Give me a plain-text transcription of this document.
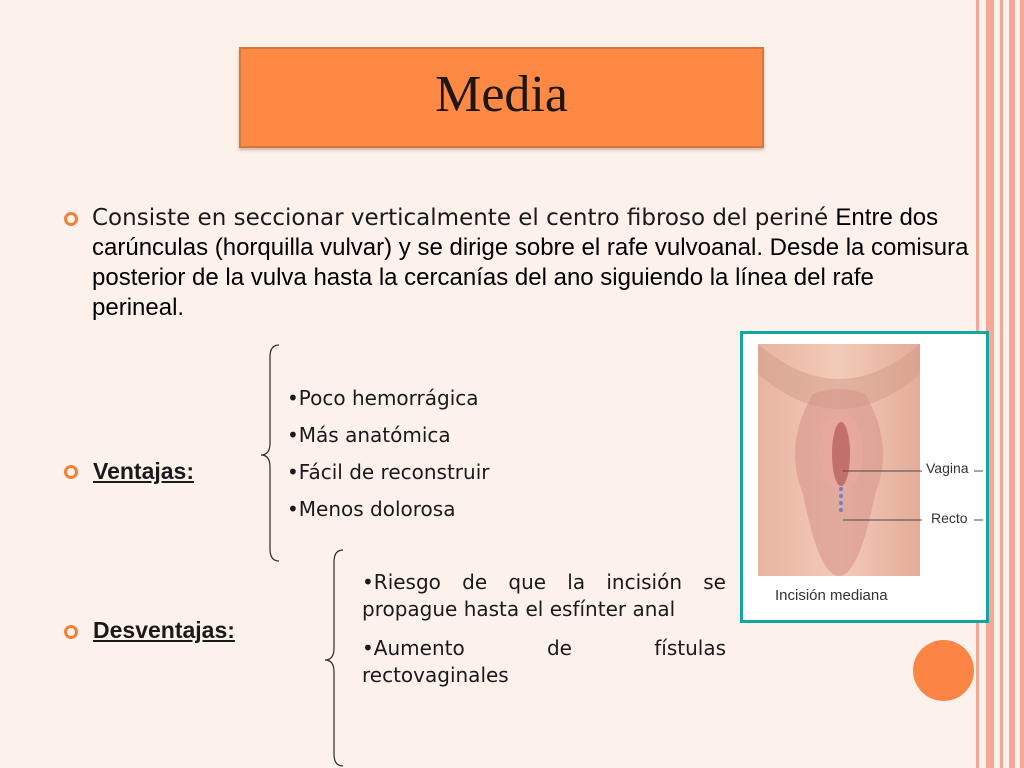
Media
Consiste en seccionar verticalmente el centro fibroso del periné Entre dos carúnculas (horquilla vulvar) y se dirige sobre el rafe vulvoanal. Desde la comisura posterior de la vulva hasta la cercanías del ano siguiendo la línea del rafe perineal.
•Poco hemorrágica
•Más anatómica
•Fácil de reconstruir
•Menos dolorosa
Ventajas:
•Riesgo de que la incisión se propague hasta el esfínter anal
•Aumento de fístulas rectovaginales
Desventajas:
Vagina
Recto
Incisión mediana
